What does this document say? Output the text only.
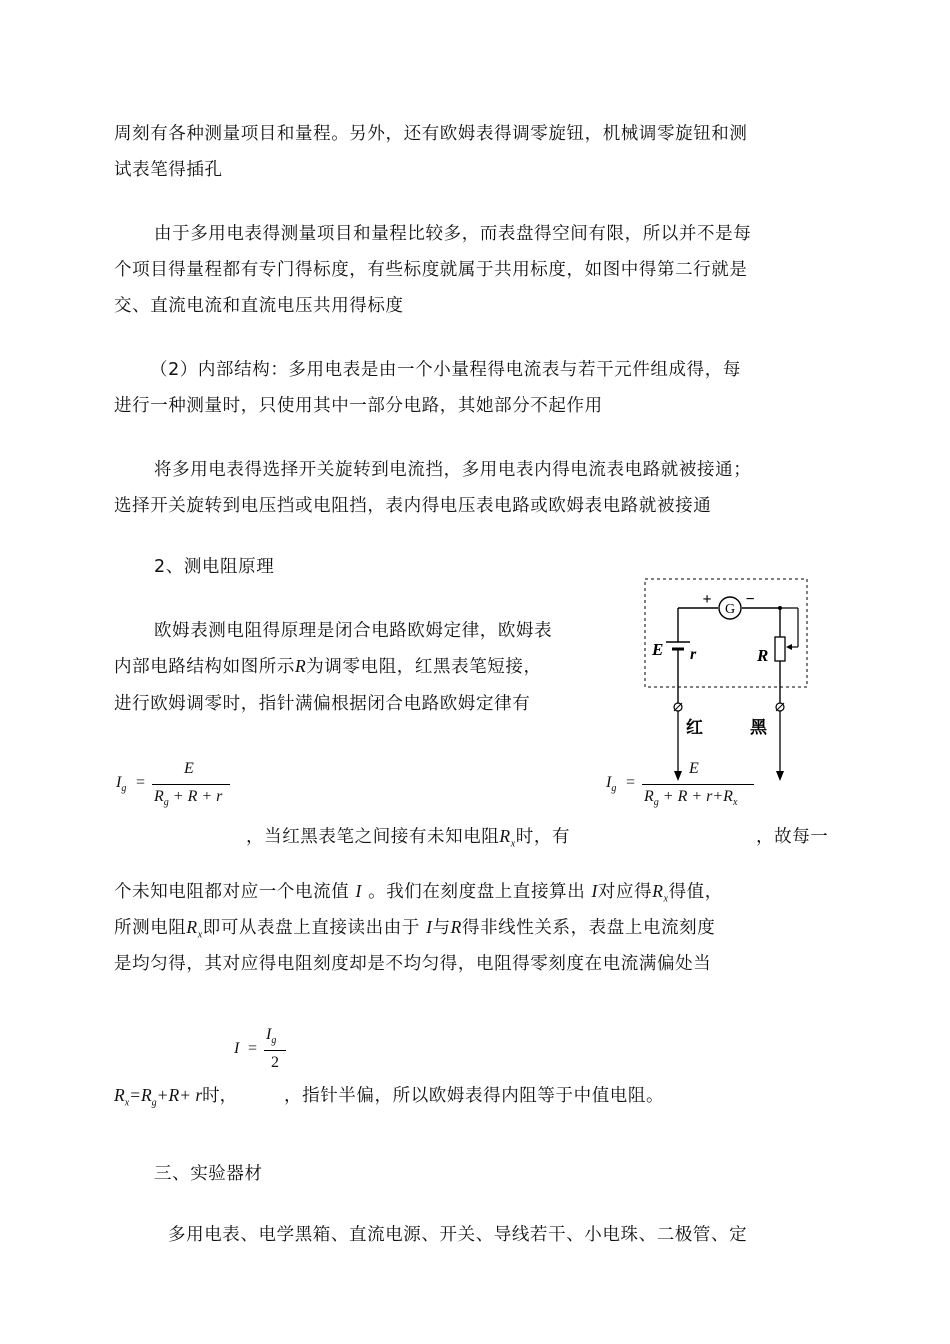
周刻有各种测量项目和量程。另外，还有欧姆表得调零旋钮，机械调零旋钮和测
试表笔得插孔
由于多用电表得测量项目和量程比较多，而表盘得空间有限，所以并不是每
个项目得量程都有专门得标度，有些标度就属于共用标度，如图中得第二行就是
交、直流电流和直流电压共用得标度
（2）内部结构：多用电表是由一个小量程得电流表与若干元件组成得，每
进行一种测量时，只使用其中一部分电路，其她部分不起作用
将多用电表得选择开关旋转到电流挡，多用电表内得电流表电路就被接通；
选择开关旋转到电压挡或电阻挡，表内得电压表电路或欧姆表电路就被接通
2、测电阻原理
欧姆表测电阻得原理是闭合电路欧姆定律，欧姆表
内部电路结构如图所示R为调零电阻，红黑表笔短接，
进行欧姆调零时，指针满偏根据闭合电路欧姆定律有
G
+ −
E r	R
红	黑
$I_g$ =
E
$R_g + R + r$
$I_g$ =
E
$R_g + R + r+R_x$
，当红黑表笔之间接有未知电阻$R_x$时，有	，故每一
个未知电阻都对应一个电流值 I 。我们在刻度盘上直接算出 I对应得$R_x$得值，
所测电阻$R_x$即可从表盘上直接读出由于 I与R得非线性关系，表盘上电流刻度
是均匀得，其对应得电阻刻度却是不均匀得，电阻得零刻度在电流满偏处当
I =
$I_g$
2
$R_x=R_g+R+ r$时，	，指针半偏，所以欧姆表得内阻等于中值电阻。
三、实验器材
多用电表、电学黑箱、直流电源、开关、导线若干、小电珠、二极管、定
